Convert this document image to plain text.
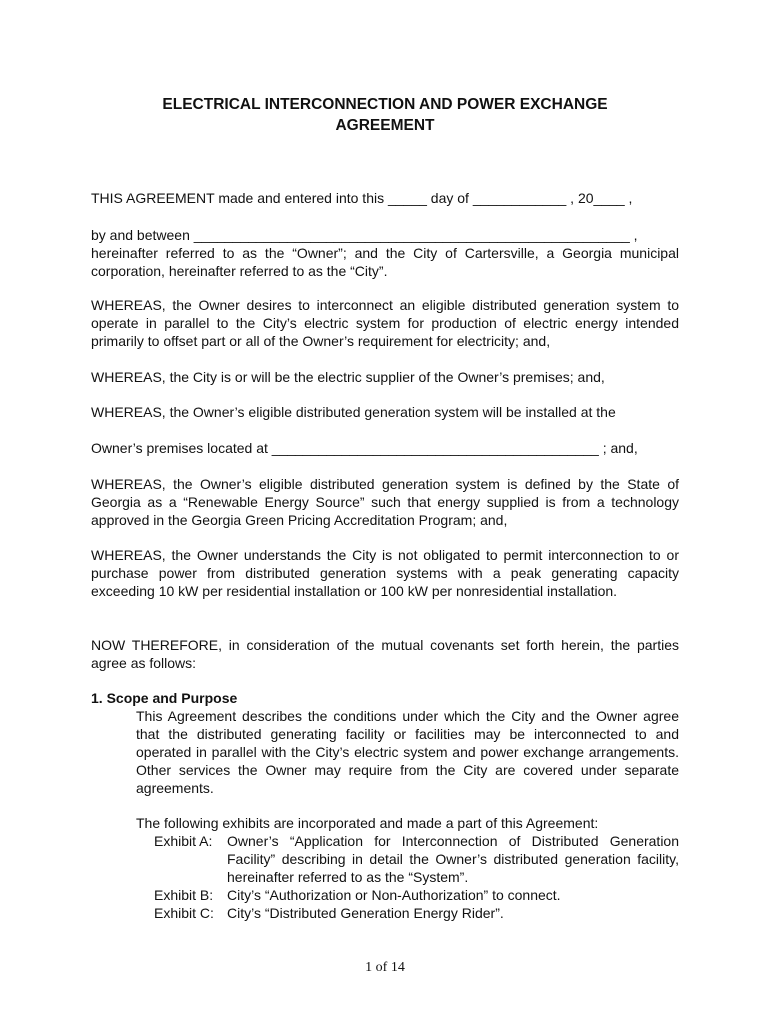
ELECTRICAL INTERCONNECTION AND POWER EXCHANGE
AGREEMENT

THIS AGREEMENT made and entered into this _____ day of ____________ , 20____ ,

by and between ________________________________________________________ ,

hereinafter referred to as the “Owner”; and the City of Cartersville, a Georgia municipal corporation, hereinafter referred to as the “City”.

WHEREAS, the Owner desires to interconnect an eligible distributed generation system to operate in parallel to the City’s electric system for production of electric energy intended primarily to offset part or all of the Owner’s requirement for electricity; and,

WHEREAS, the City is or will be the electric supplier of the Owner’s premises; and,

WHEREAS, the Owner’s eligible distributed generation system will be installed at the

Owner’s premises located at __________________________________________ ; and,

WHEREAS, the Owner’s eligible distributed generation system is defined by the State of Georgia as a “Renewable Energy Source” such that energy supplied is from a technology approved in the Georgia Green Pricing Accreditation Program; and,

WHEREAS, the Owner understands the City is not obligated to permit interconnection to or purchase power from distributed generation systems with a peak generating capacity exceeding 10 kW per residential installation or 100 kW per nonresidential installation.

NOW THEREFORE, in consideration of the mutual covenants set forth herein, the parties agree as follows:

1. Scope and Purpose

This Agreement describes the conditions under which the City and the Owner agree that the distributed generating facility or facilities may be interconnected to and operated in parallel with the City’s electric system and power exchange arrangements. Other services the Owner may require from the City are covered under separate agreements.

The following exhibits are incorporated and made a part of this Agreement:

Exhibit A: Owner’s “Application for Interconnection of Distributed Generation Facility” describing in detail the Owner’s distributed generation facility, hereinafter referred to as the “System”.
Exhibit B: City’s “Authorization or Non-Authorization” to connect.
Exhibit C: City’s “Distributed Generation Energy Rider”.
1 of 14
